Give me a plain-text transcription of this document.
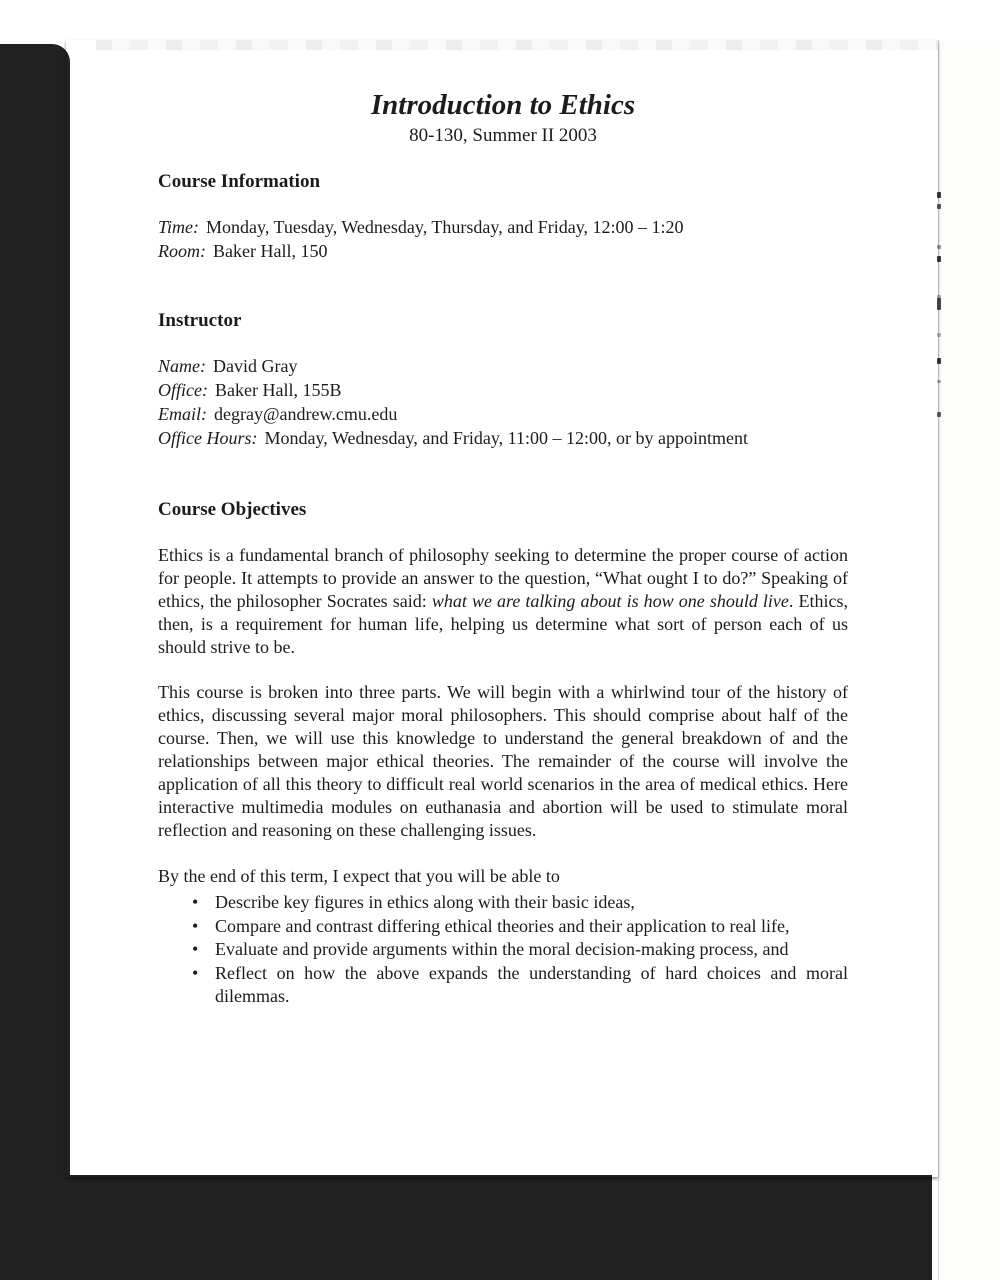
Introduction to Ethics
80-130, Summer II 2003
Course Information
Time: Monday, Tuesday, Wednesday, Thursday, and Friday, 12:00 – 1:20
Room: Baker Hall, 150
Instructor
Name: David Gray
Office: Baker Hall, 155B
Email: degray@andrew.cmu.edu
Office Hours: Monday, Wednesday, and Friday, 11:00 – 12:00, or by appointment
Course Objectives

Ethics is a fundamental branch of philosophy seeking to determine the proper course of action for people. It attempts to provide an answer to the question, “What ought I to do?” Speaking of ethics, the philosopher Socrates said: what we are talking about is how one should live. Ethics, then, is a requirement for human life, helping us determine what sort of person each of us should strive to be.

This course is broken into three parts. We will begin with a whirlwind tour of the history of ethics, discussing several major moral philosophers. This should comprise about half of the course. Then, we will use this knowledge to understand the general breakdown of and the relationships between major ethical theories. The remainder of the course will involve the application of all this theory to difficult real world scenarios in the area of medical ethics. Here interactive multimedia modules on euthanasia and abortion will be used to stimulate moral reflection and reasoning on these challenging issues.

By the end of this term, I expect that you will be able to

• Describe key figures in ethics along with their basic ideas,
• Compare and contrast differing ethical theories and their application to real life,
• Evaluate and provide arguments within the moral decision-making process, and
• Reflect on how the above expands the understanding of hard choices and moral dilemmas.
